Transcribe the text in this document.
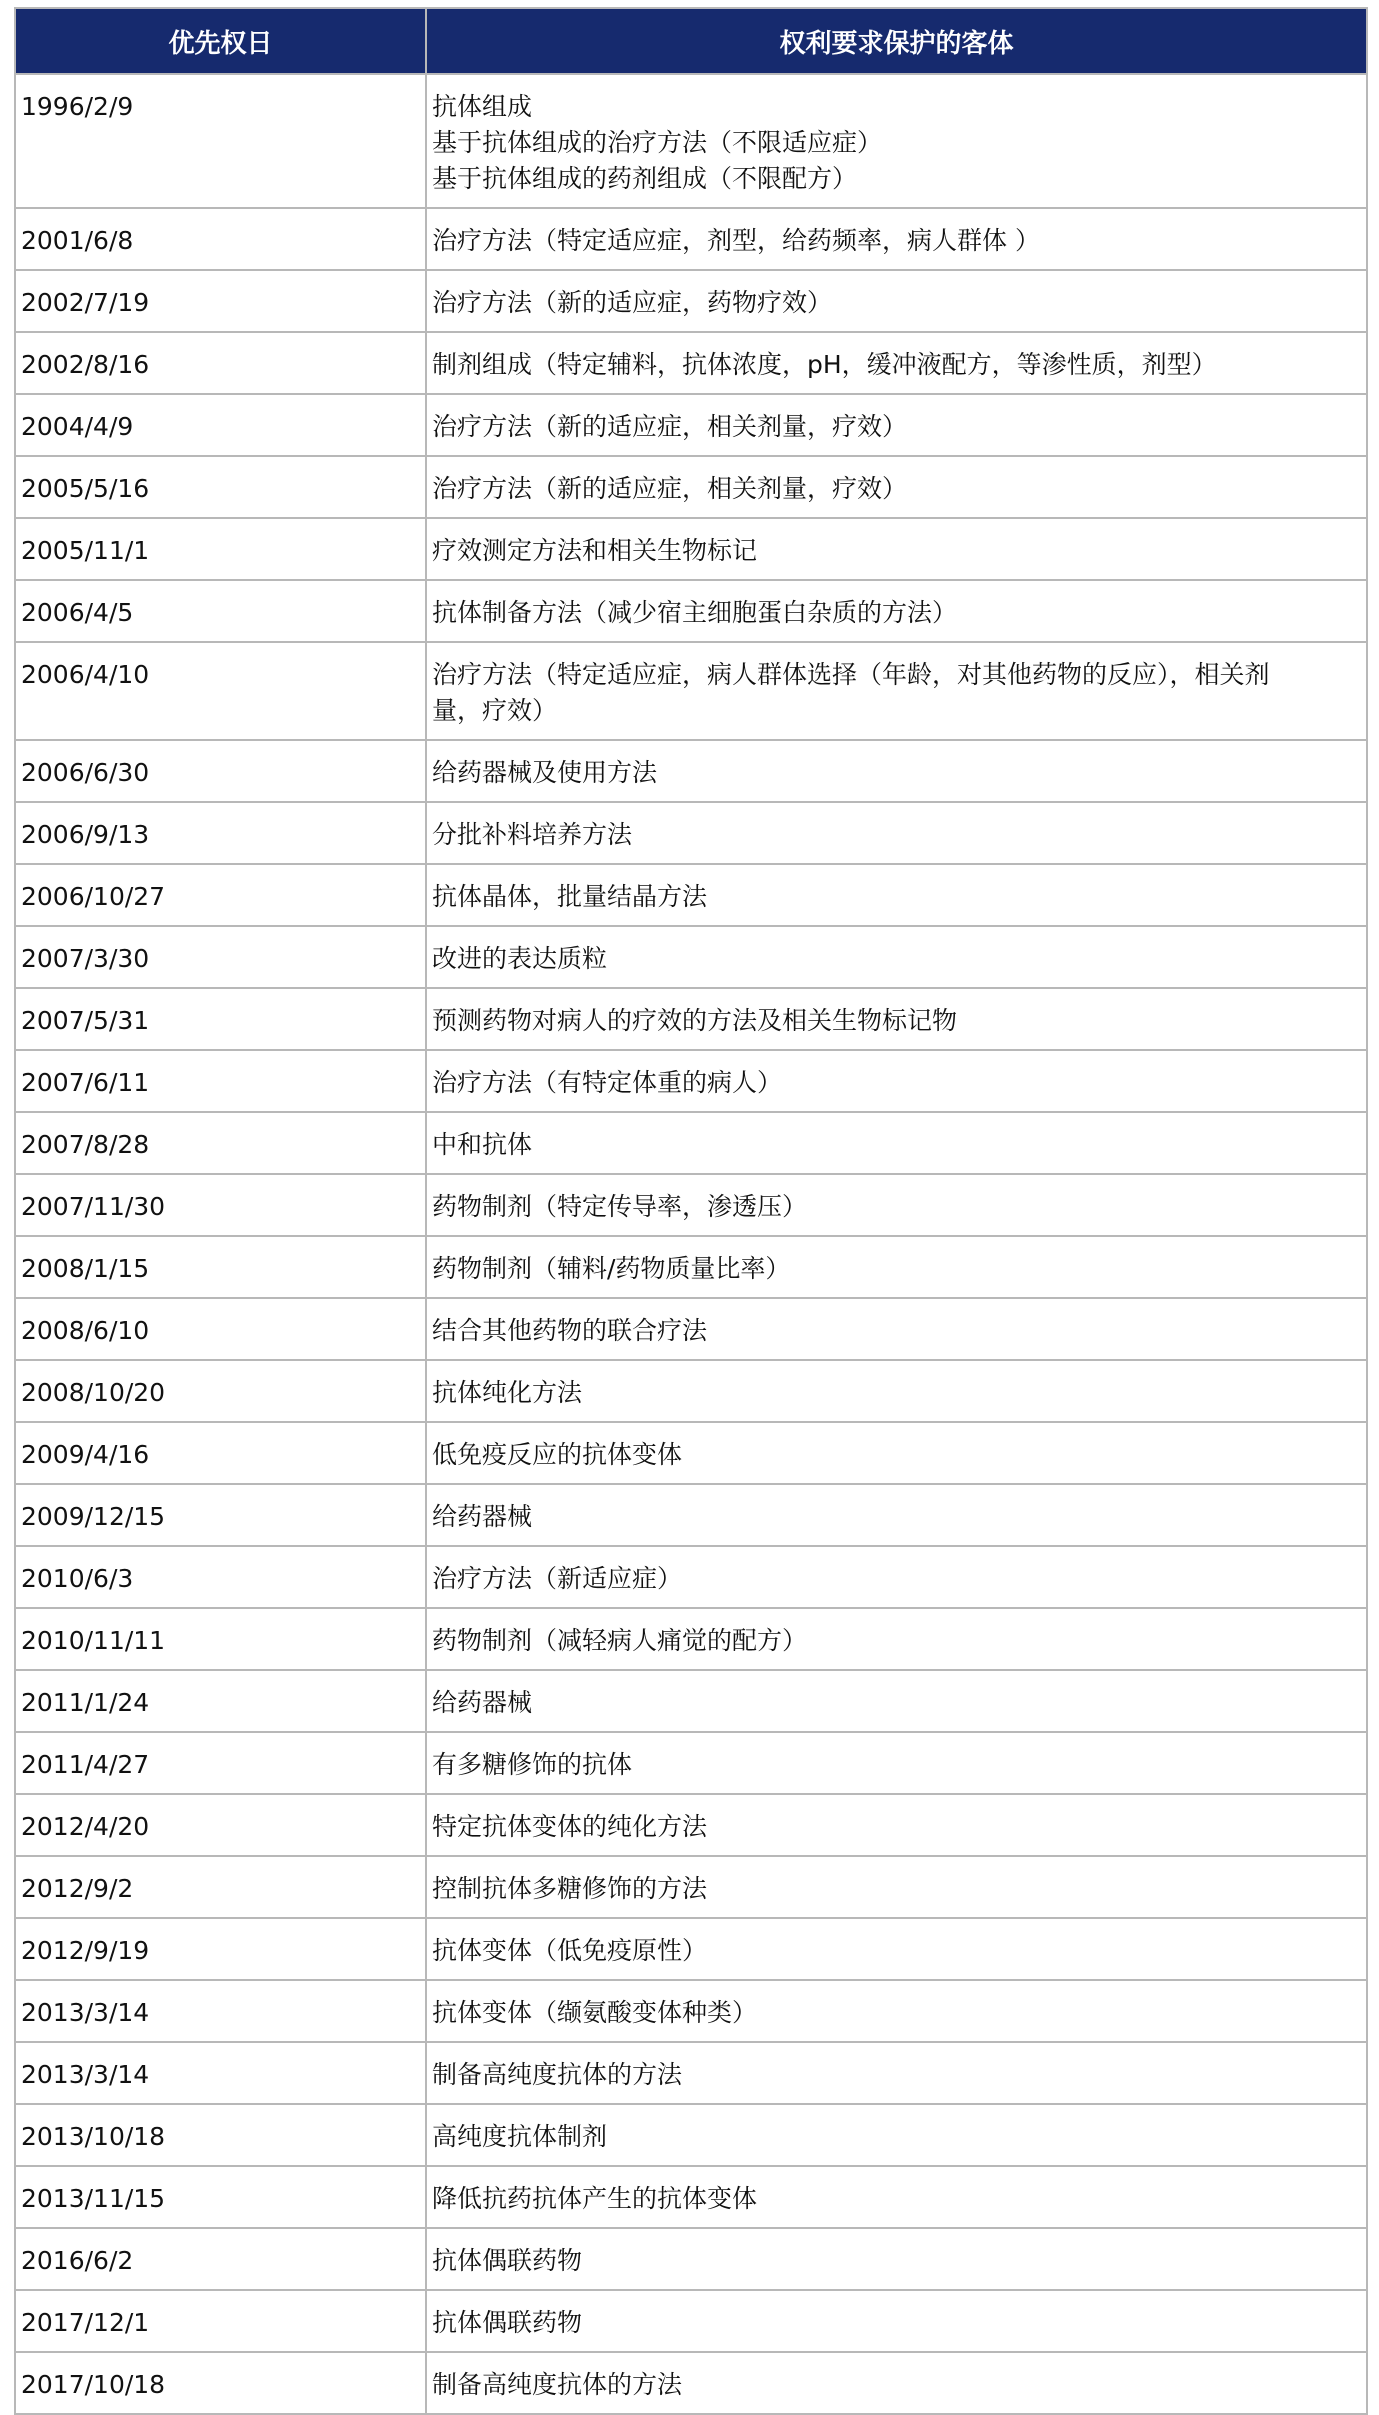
优先权日	权利要求保护的客体
1996/2/9	抗体组成
基于抗体组成的治疗方法（不限适应症）
基于抗体组成的药剂组成（不限配方）

2001/6/8	治疗方法（特定适应症，剂型，给药频率，病人群体 ）

2002/7/19	治疗方法（新的适应症，药物疗效）

2002/8/16	制剂组成（特定辅料，抗体浓度，pH，缓冲液配方，等渗性质，剂型）

2004/4/9	治疗方法（新的适应症，相关剂量，疗效）

2005/5/16	治疗方法（新的适应症，相关剂量，疗效）

2005/11/1	疗效测定方法和相关生物标记

2006/4/5	抗体制备方法（减少宿主细胞蛋白杂质的方法）

2006/4/10	治疗方法（特定适应症，病人群体选择（年龄，对其他药物的反应），相关剂
量，疗效）

2006/6/30	给药器械及使用方法

2006/9/13	分批补料培养方法

2006/10/27	抗体晶体，批量结晶方法

2007/3/30	改进的表达质粒

2007/5/31	预测药物对病人的疗效的方法及相关生物标记物

2007/6/11	治疗方法（有特定体重的病人）

2007/8/28	中和抗体

2007/11/30	药物制剂（特定传导率，渗透压）

2008/1/15	药物制剂（辅料/药物质量比率）

2008/6/10	结合其他药物的联合疗法

2008/10/20	抗体纯化方法

2009/4/16	低免疫反应的抗体变体

2009/12/15	给药器械

2010/6/3	治疗方法（新适应症）

2010/11/11	药物制剂（减轻病人痛觉的配方）

2011/1/24	给药器械

2011/4/27	有多糖修饰的抗体

2012/4/20	特定抗体变体的纯化方法

2012/9/2	控制抗体多糖修饰的方法

2012/9/19	抗体变体（低免疫原性）

2013/3/14	抗体变体（缬氨酸变体种类）

2013/3/14	制备高纯度抗体的方法

2013/10/18	高纯度抗体制剂

2013/11/15	降低抗药抗体产生的抗体变体

2016/6/2	抗体偶联药物

2017/12/1	抗体偶联药物

2017/10/18	制备高纯度抗体的方法
